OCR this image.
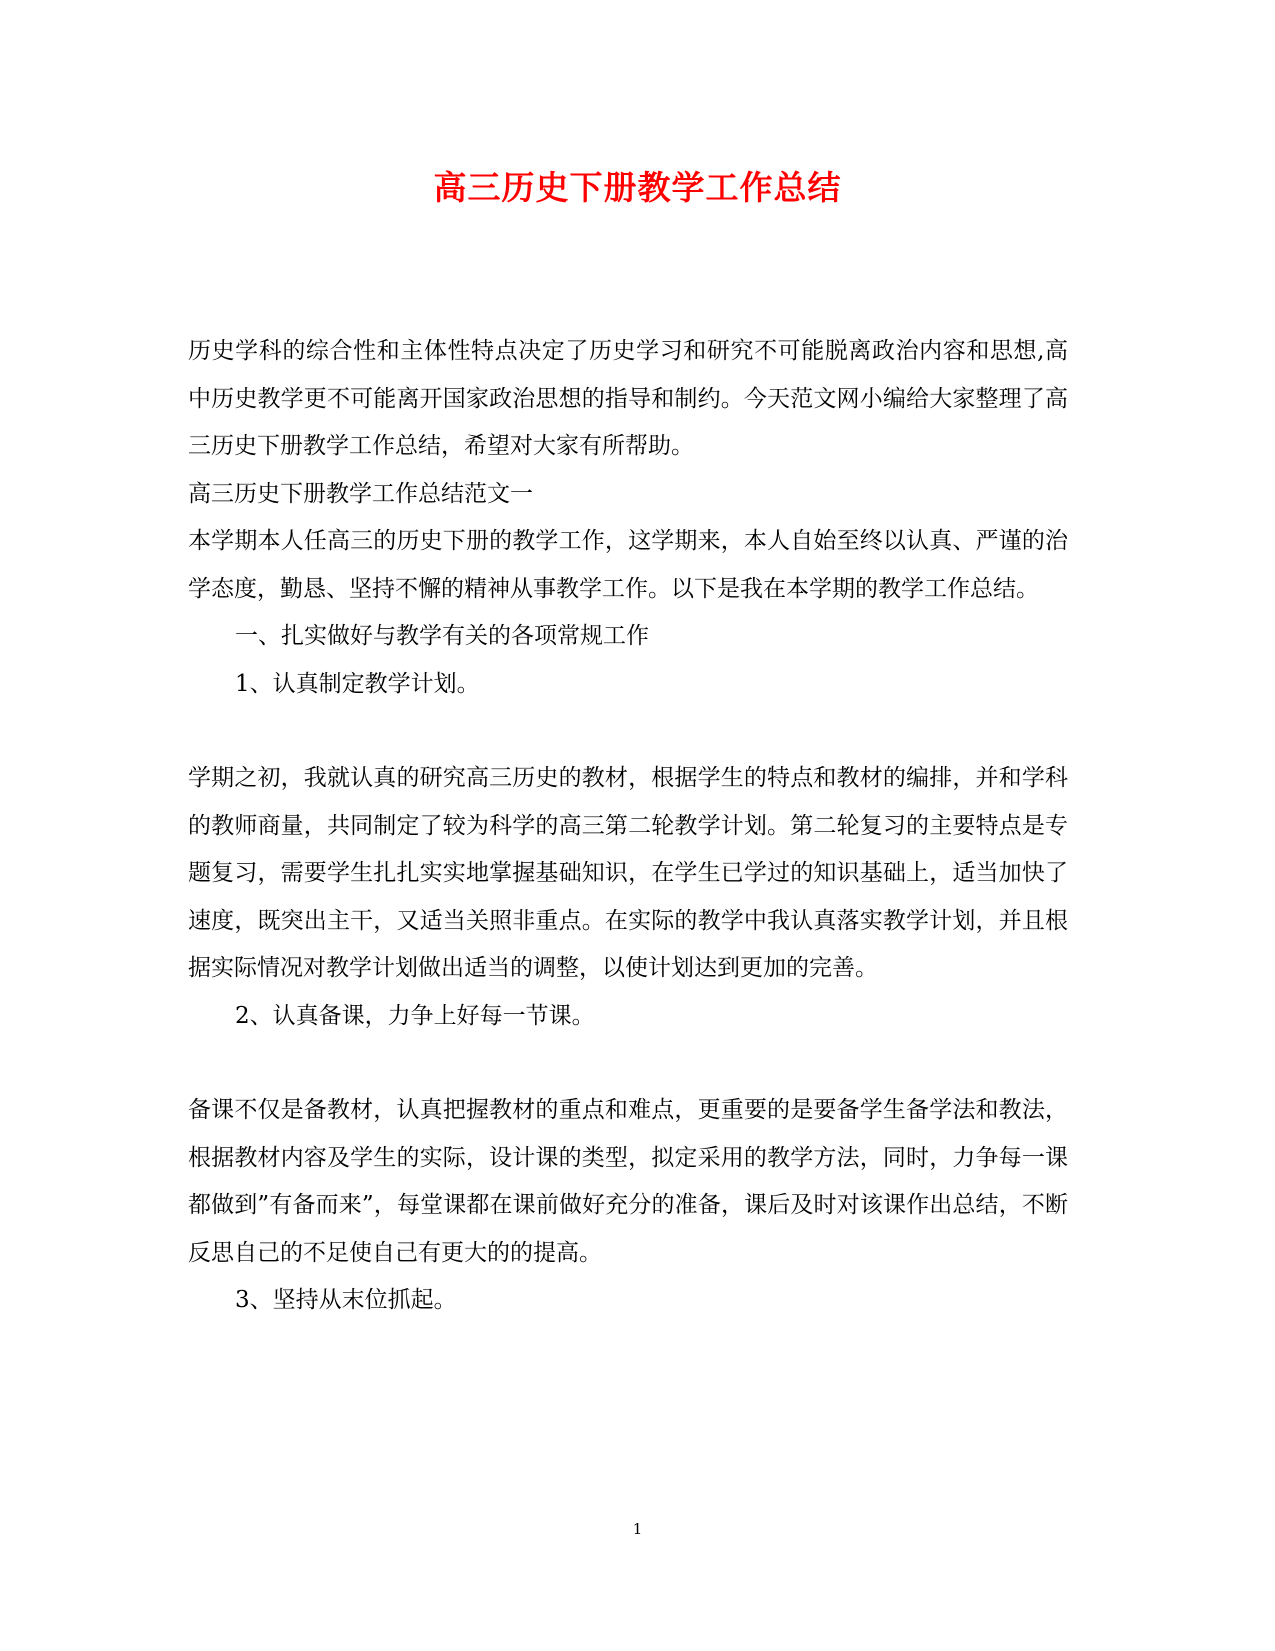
高三历史下册教学工作总结

历史学科的综合性和主体性特点决定了历史学习和研究不可能脱离政治内容和思想,高中历史教学更不可能离开国家政治思想的指导和制约。今天范文网小编给大家整理了高三历史下册教学工作总结，希望对大家有所帮助。

高三历史下册教学工作总结范文一

本学期本人任高三的历史下册的教学工作，这学期来，本人自始至终以认真、严谨的治学态度，勤恳、坚持不懈的精神从事教学工作。以下是我在本学期的教学工作总结。

一、扎实做好与教学有关的各项常规工作

1、认真制定教学计划。

学期之初，我就认真的研究高三历史的教材，根据学生的特点和教材的编排，并和学科的教师商量，共同制定了较为科学的高三第二轮教学计划。第二轮复习的主要特点是专题复习，需要学生扎扎实实地掌握基础知识，在学生已学过的知识基础上，适当加快了速度，既突出主干，又适当关照非重点。在实际的教学中我认真落实教学计划，并且根据实际情况对教学计划做出适当的调整，以使计划达到更加的完善。

2、认真备课，力争上好每一节课。

备课不仅是备教材，认真把握教材的重点和难点，更重要的是要备学生备学法和教法，根据教材内容及学生的实际，设计课的类型，拟定采用的教学方法，同时，力争每一课都做到”有备而来”，每堂课都在课前做好充分的准备，课后及时对该课作出总结，不断反思自己的不足使自己有更大的的提高。

3、坚持从末位抓起。

1
